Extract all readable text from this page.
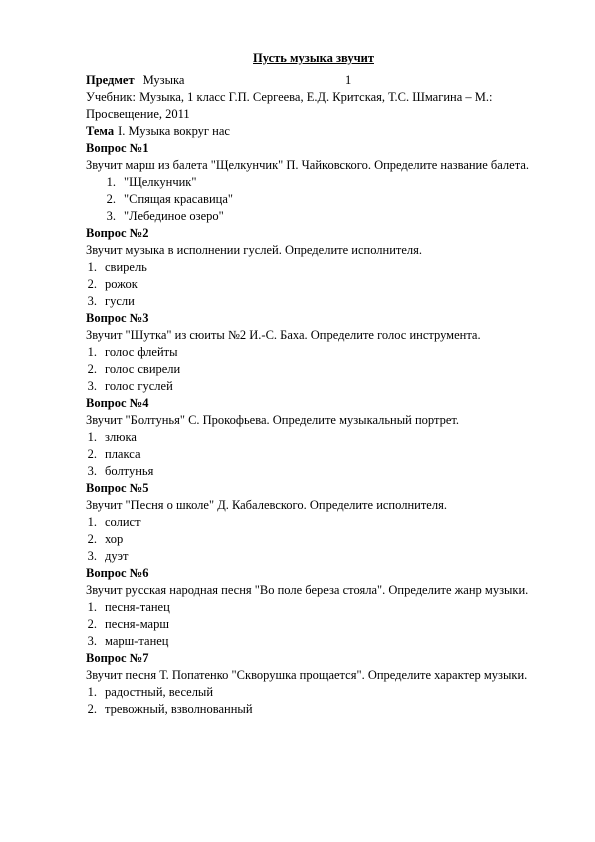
Пусть музыка звучит

Предмет Музыка	1

Учебник: Музыка, 1 класс Г.П. Сергеева, Е.Д. Критская, Т.С. Шмагина – М.: Просвещение, 2011

Тема I. Музыка вокруг нас

Вопрос №1

Звучит марш из балета "Щелкунчик" П. Чайковского. Определите название балета.

1. "Щелкунчик"
2. "Спящая красавица"
3. "Лебединое озеро"

Вопрос №2

Звучит музыка в исполнении гуслей. Определите исполнителя.

1. свирель
2. рожок
3. гусли

Вопрос №3

Звучит "Шутка" из сюиты №2 И.-С. Баха. Определите голос инструмента.

1. голос флейты
2. голос свирели
3. голос гуслей

Вопрос №4

Звучит "Болтунья" С. Прокофьева. Определите музыкальный портрет.

1. злюка
2. плакса
3. болтунья

Вопрос №5

Звучит "Песня о школе" Д. Кабалевского. Определите исполнителя.

1. солист
2. хор
3. дуэт

Вопрос №6

Звучит русская народная песня "Во поле береза стояла". Определите жанр музыки.

1. песня-танец
2. песня-марш
3. марш-танец

Вопрос №7

Звучит песня Т. Попатенко "Скворушка прощается". Определите характер музыки.

1. радостный, веселый
2. тревожный, взволнованный
